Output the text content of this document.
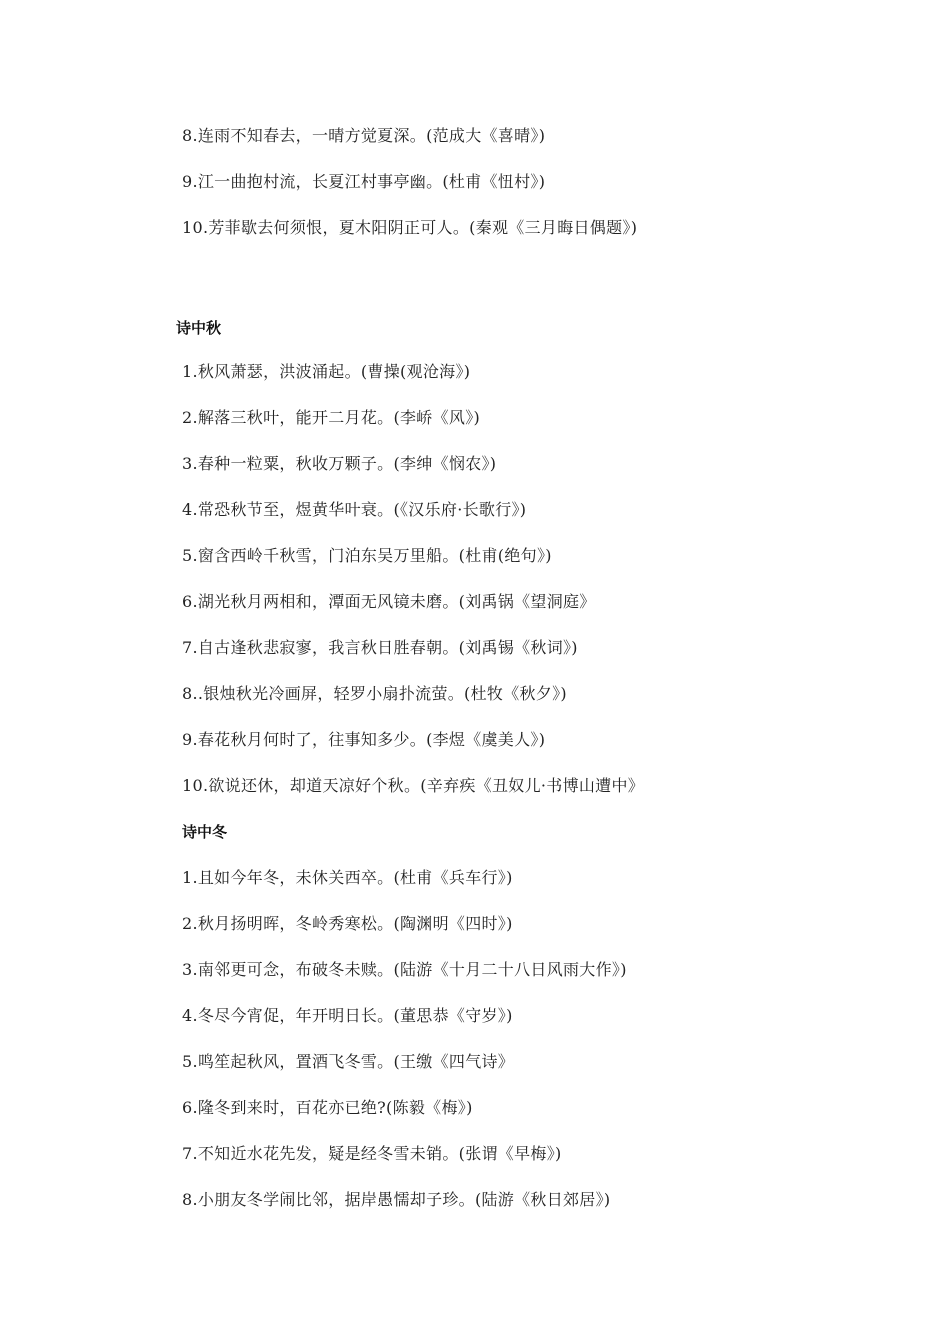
8.连雨不知春去，一晴方觉夏深。(范成大《喜晴》)
9.江一曲抱村流，长夏江村事亭幽。(杜甫《忸村》)
10.芳菲歇去何须恨，夏木阳阴正可人。(秦观《三月晦日偶题》)
诗中秋
1.秋风萧瑟，洪波涌起。(曹操(观沧海》)
2.解落三秋叶，能开二月花。(李峤《风》)
3.春种一粒粟，秋收万颗子。(李绅《悯农》)
4.常恐秋节至，煜黄华叶衰。(《汉乐府·长歌行》)
5.窗含西岭千秋雪，门泊东吴万里船。(杜甫(绝句》)
6.湖光秋月两相和，潭面无风镜未磨。(刘禹锅《望洞庭》
7.自古逢秋悲寂寥，我言秋日胜春朝。(刘禹锡《秋词》)
8..银烛秋光冷画屏，轻罗小扇扑流萤。(杜牧《秋夕》)
9.春花秋月何时了，往事知多少。(李煜《虞美人》)
10.欲说还休，却道天凉好个秋。(辛弃疾《丑奴儿·书博山遭中》
诗中冬
1.且如今年冬，未休关西卒。(杜甫《兵车行》)
2.秋月扬明晖，冬岭秀寒松。(陶渊明《四时》)
3.南邻更可念，布破冬未赎。(陆游《十月二十八日风雨大作》)
4.冬尽今宵促，年开明日长。(董思恭《守岁》)
5.鸣笙起秋风，置酒飞冬雪。(王缴《四气诗》
6.隆冬到来时，百花亦已绝?(陈毅《梅》)
7.不知近水花先发，疑是经冬雪未销。(张谓《早梅》)
8.小朋友冬学闹比邻，据岸愚懦却子珍。(陆游《秋日郊居》)
